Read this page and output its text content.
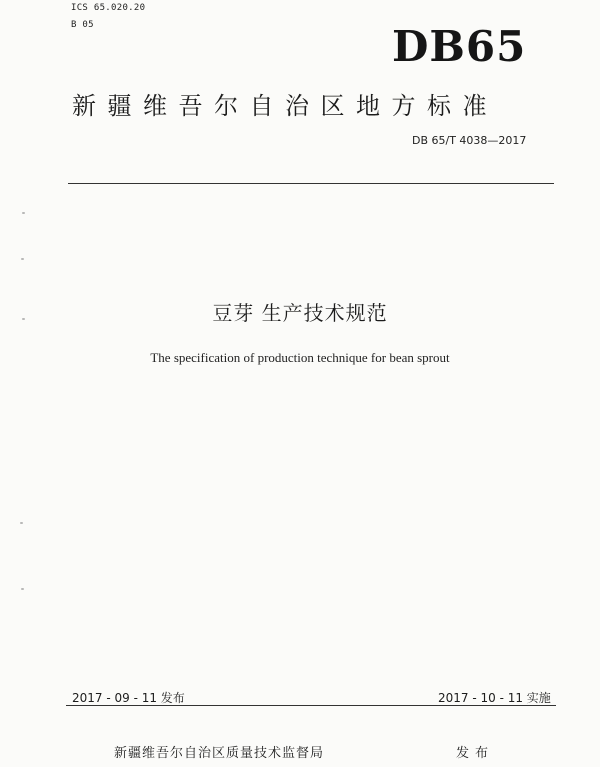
ICS 65.020.20
B 05	DB65
新疆维吾尔自治区地方标准
DB 65/T 4038—2017
豆芽 生产技术规范
The specification of production technique for bean sprout
2017 - 09 - 11 发布	2017 - 10 - 11 实施
新疆维吾尔自治区质量技术监督局	发布
